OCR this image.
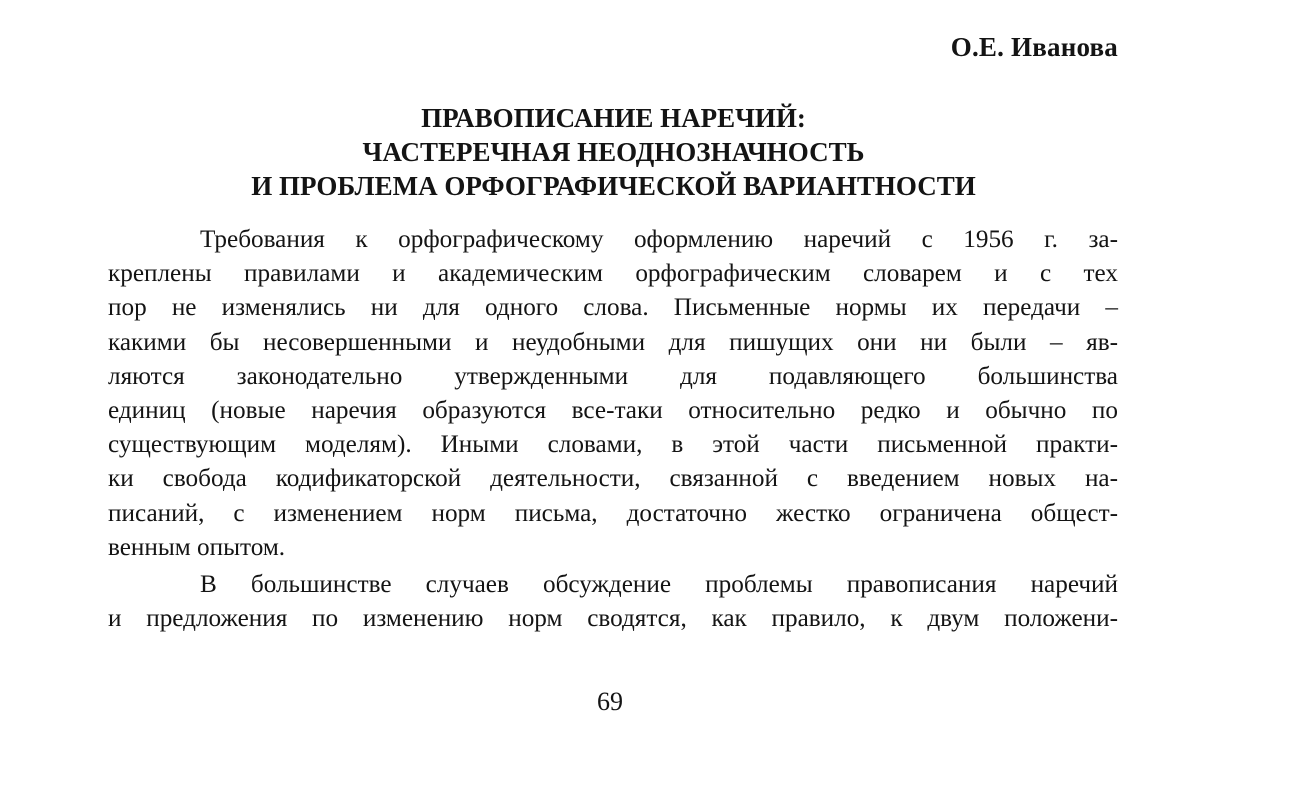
О.Е. Иванова
ПРАВОПИСАНИЕ НАРЕЧИЙ:
ЧАСТЕРЕЧНАЯ НЕОДНОЗНАЧНОСТЬ
И ПРОБЛЕМА ОРФОГРАФИЧЕСКОЙ ВАРИАНТНОСТИ
Требования к орфографическому оформлению наречий с 1956 г. за-
креплены правилами и академическим орфографическим словарем и с тех
пор не изменялись ни для одного слова. Письменные нормы их передачи –
какими бы несовершенными и неудобными для пишущих они ни были – яв-
ляются законодательно утвержденными для подавляющего большинства
единиц (новые наречия образуются все-таки относительно редко и обычно по
существующим моделям). Иными словами, в этой части письменной практи-
ки свобода кодификаторской деятельности, связанной с введением новых на-
писаний, с изменением норм письма, достаточно жестко ограничена общест-
венным опытом.
В большинстве случаев обсуждение проблемы правописания наречий
и предложения по изменению норм сводятся, как правило, к двум положени-
69
